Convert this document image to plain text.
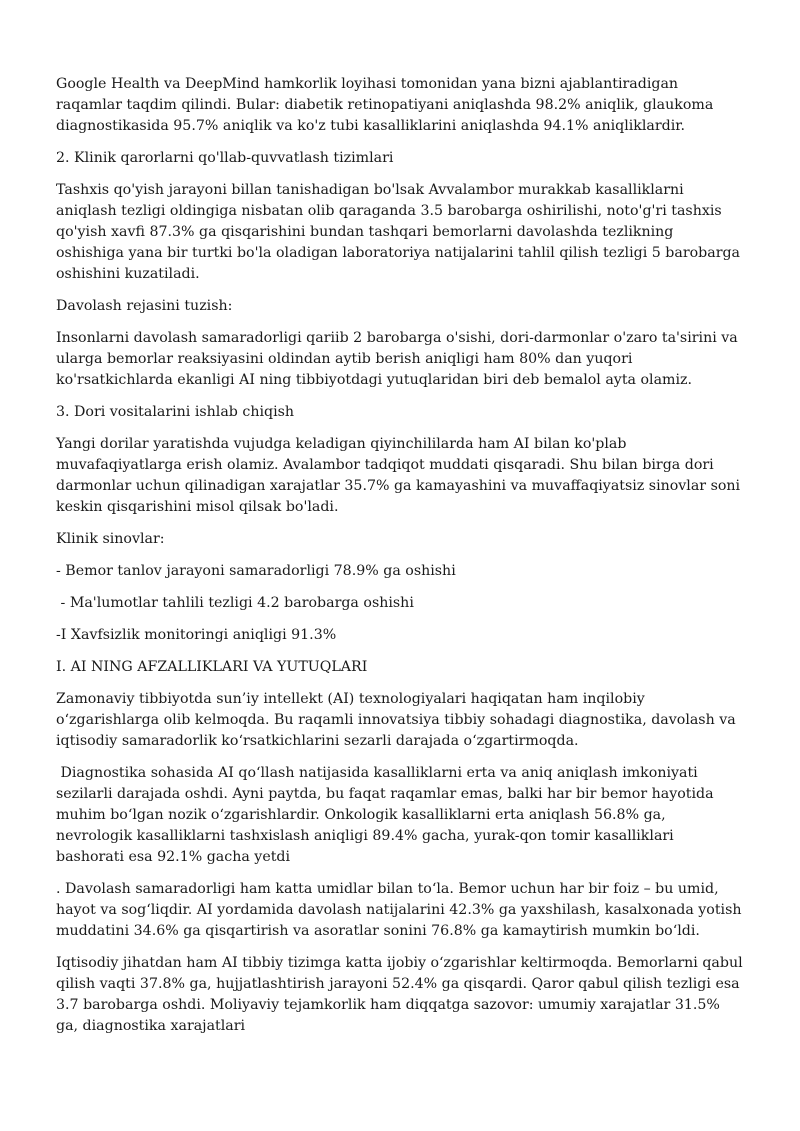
Google Health va DeepMind hamkorlik loyihasi tomonidan yana bizni ajablantiradigan raqamlar taqdim qilindi. Bular: diabetik retinopatiyani aniqlashda 98.2% aniqlik, glaukoma diagnostikasida 95.7% aniqlik va ko'z tubi kasalliklarini aniqlashda 94.1% aniqliklardir.

2. Klinik qarorlarni qo'llab-quvvatlash tizimlari

Tashxis qo'yish jarayoni billan tanishadigan bo'lsak Avvalambor murakkab kasalliklarni aniqlash tezligi oldingiga nisbatan olib qaraganda 3.5 barobarga oshirilishi, noto'g'ri tashxis qo'yish xavfi 87.3% ga qisqarishini bundan tashqari bemorlarni davolashda tezlikning oshishiga yana bir turtki bo'la oladigan laboratoriya natijalarini tahlil qilish tezligi 5 barobarga oshishini kuzatiladi.

Davolash rejasini tuzish:

Insonlarni davolash samaradorligi qariib 2 barobarga o'sishi, dori-darmonlar o'zaro ta'sirini va ularga bemorlar reaksiyasini oldindan aytib berish aniqligi ham 80% dan yuqori ko'rsatkichlarda ekanligi AI ning tibbiyotdagi yutuqlaridan biri deb bemalol ayta olamiz.

3. Dori vositalarini ishlab chiqish

Yangi dorilar yaratishda vujudga keladigan qiyinchililarda ham AI bilan ko'plab muvafaqiyatlarga erish olamiz. Avalambor tadqiqot muddati qisqaradi. Shu bilan birga dori darmonlar uchun qilinadigan xarajatlar 35.7% ga kamayashini va muvaffaqiyatsiz sinovlar soni keskin qisqarishini misol qilsak bo'ladi.

Klinik sinovlar:

- Bemor tanlov jarayoni samaradorligi 78.9% ga oshishi

- Ma'lumotlar tahlili tezligi 4.2 barobarga oshishi

-I Xavfsizlik monitoringi aniqligi 91.3%

I. AI NING AFZALLIKLARI VA YUTUQLARI

Zamonaviy tibbiyotda sun’iy intellekt (AI) texnologiyalari haqiqatan ham inqilobiy o‘zgarishlarga olib kelmoqda. Bu raqamli innovatsiya tibbiy sohadagi diagnostika, davolash va iqtisodiy samaradorlik ko‘rsatkichlarini sezarli darajada o‘zgartirmoqda.

Diagnostika sohasida AI qo‘llash natijasida kasalliklarni erta va aniq aniqlash imkoniyati sezilarli darajada oshdi. Ayni paytda, bu faqat raqamlar emas, balki har bir bemor hayotida muhim bo‘lgan nozik o‘zgarishlardir. Onkologik kasalliklarni erta aniqlash 56.8% ga, nevrologik kasalliklarni tashxislash aniqligi 89.4% gacha, yurak-qon tomir kasalliklari bashorati esa 92.1% gacha yetdi

. Davolash samaradorligi ham katta umidlar bilan to‘la. Bemor uchun har bir foiz – bu umid, hayot va sog‘liqdir. AI yordamida davolash natijalarini 42.3% ga yaxshilash, kasalxonada yotish muddatini 34.6% ga qisqartirish va asoratlar sonini 76.8% ga kamaytirish mumkin bo‘ldi.

Iqtisodiy jihatdan ham AI tibbiy tizimga katta ijobiy o‘zgarishlar keltirmoqda. Bemorlarni qabul qilish vaqti 37.8% ga, hujjatlashtirish jarayoni 52.4% ga qisqardi. Qaror qabul qilish tezligi esa 3.7 barobarga oshdi. Moliyaviy tejamkorlik ham diqqatga sazovor: umumiy xarajatlar 31.5% ga, diagnostika xarajatlari
